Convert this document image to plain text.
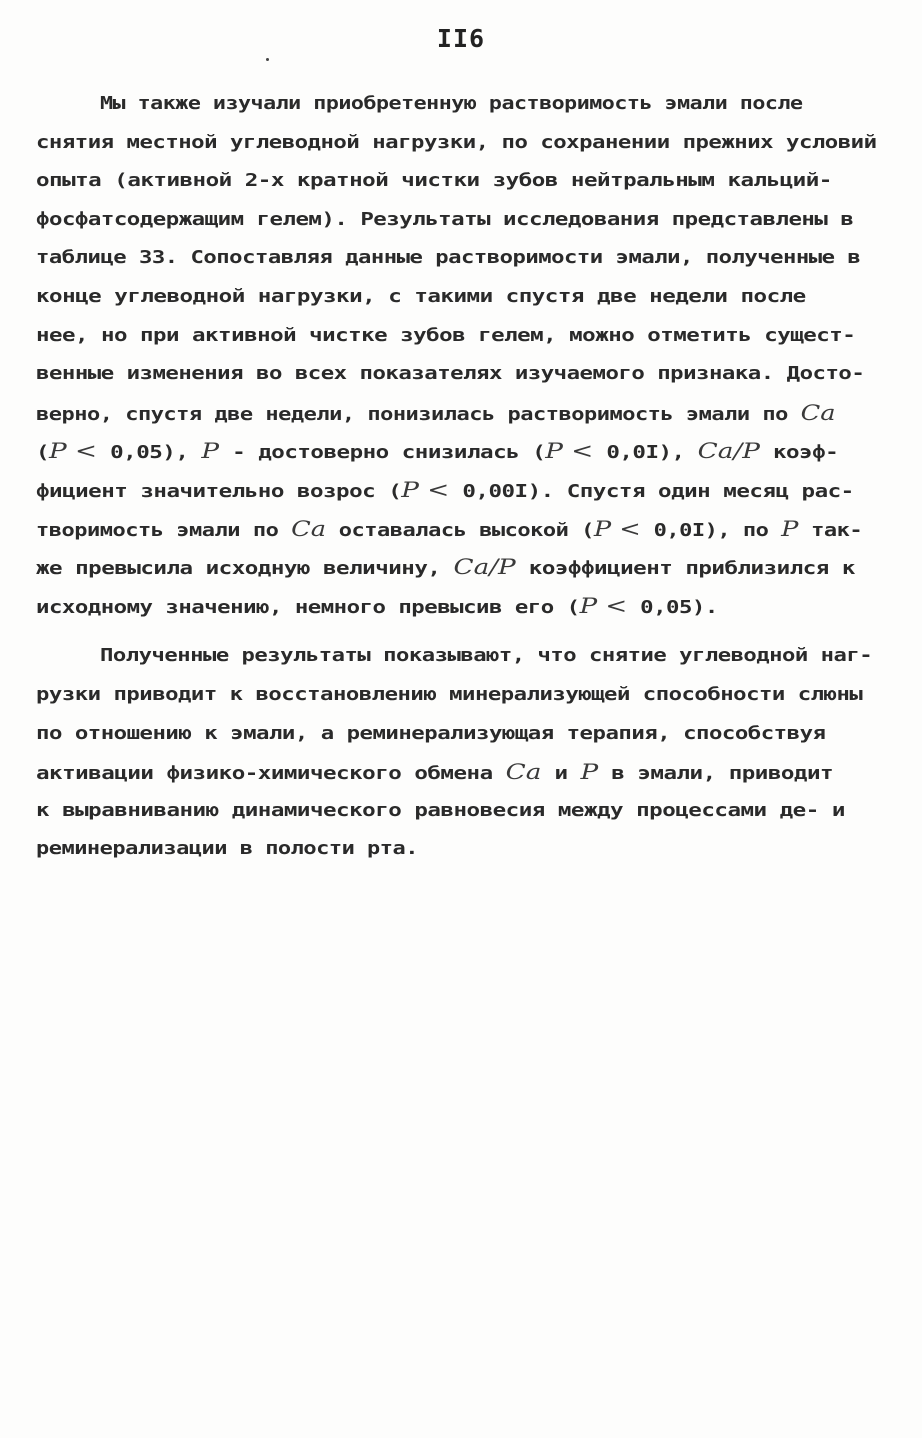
II6
Мы также изучали приобретенную растворимость эмали после
снятия местной углеводной нагрузки, по сохранении прежних условий
опыта (активной 2-х кратной чистки зубов нейтральным кальций-
фосфатсодержащим гелем). Результаты исследования представлены в
таблице 33. Сопоставляя данные растворимости эмали, полученные в
конце углеводной нагрузки, с такими спустя две недели после
нее, но при активной чистке зубов гелем, можно отметить сущест-
венные изменения во всех показателях изучаемого признака. Досто-
верно, спустя две недели, понизилась растворимость эмали по Ca
(P < 0,05), P - достоверно снизилась (P < 0,0I), Ca/P коэф-
фициент значительно возрос (P < 0,00I). Спустя один месяц рас-
творимость эмали по Ca оставалась высокой (P < 0,0I), по P так-
же превысила исходную величину, Ca/P коэффициент приблизился к
исходному значению, немного превысив его (P < 0,05).
Полученные результаты показывают, что снятие углеводной наг-
рузки приводит к восстановлению минерализующей способности слюны
по отношению к эмали, а реминерализующая терапия, способствуя
активации физико-химического обмена Ca и P в эмали, приводит
к выравниванию динамического равновесия между процессами де- и
реминерализации в полости рта.
